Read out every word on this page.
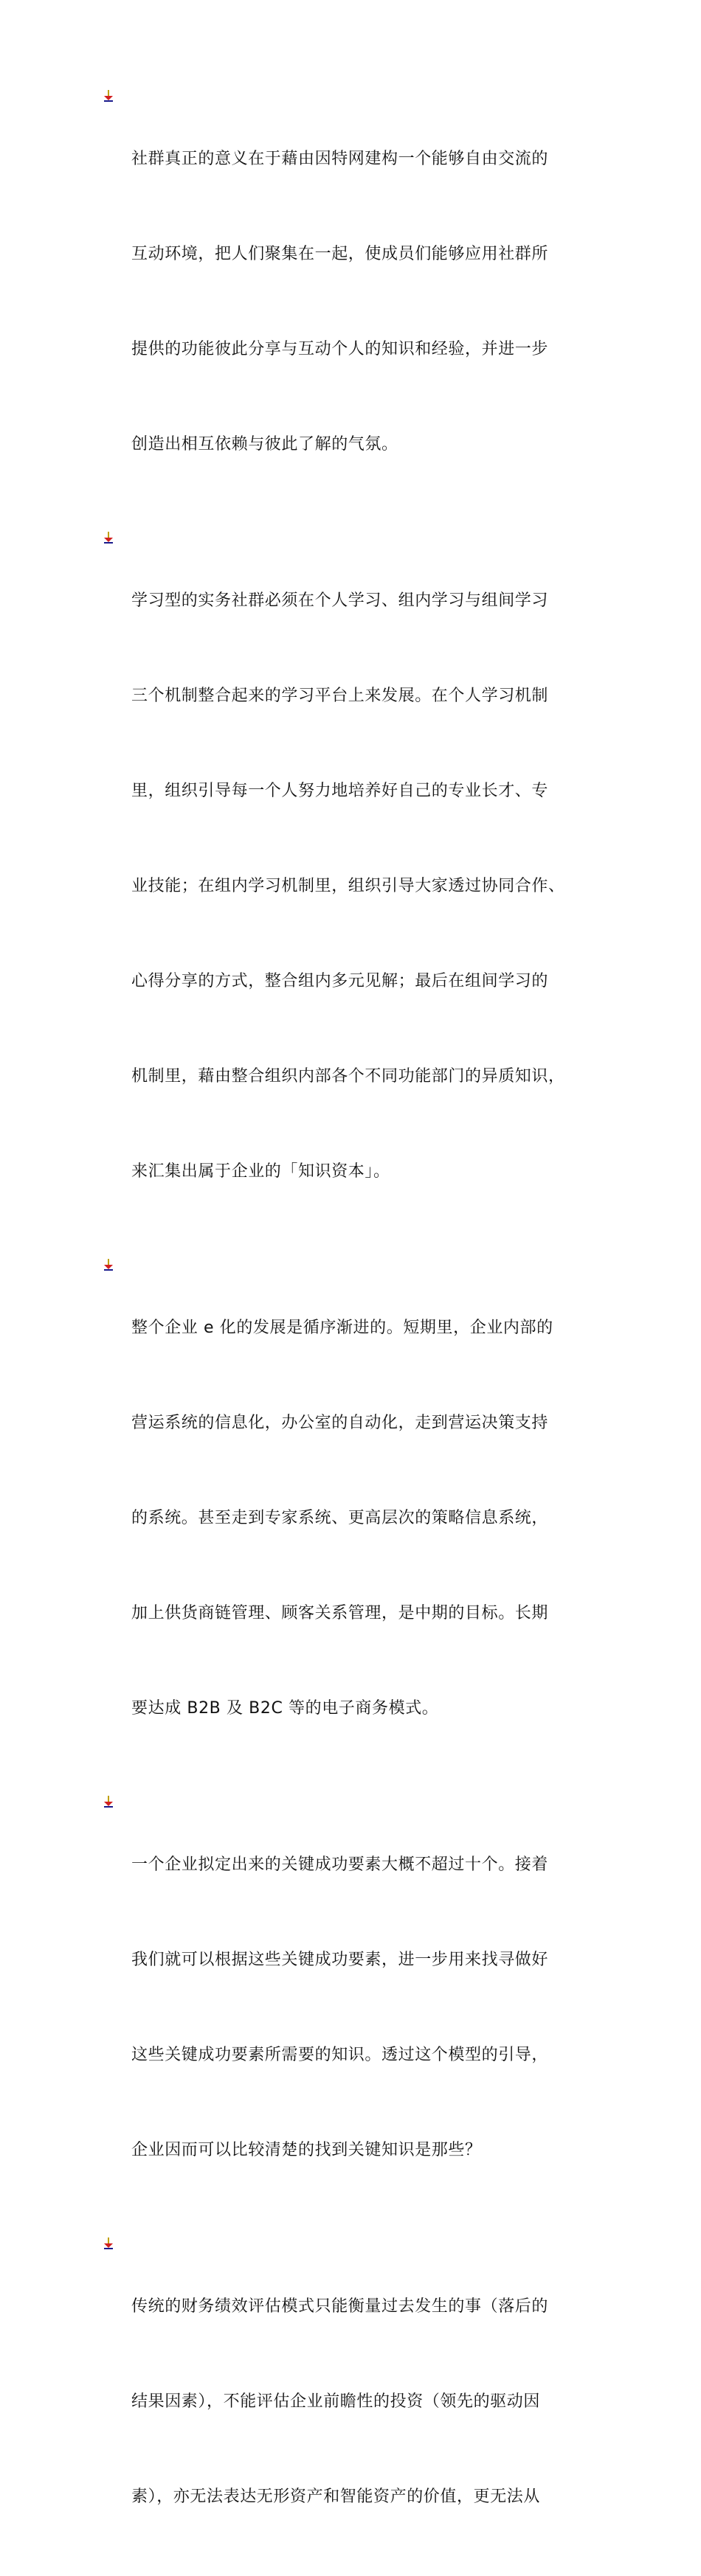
社群真正的意义在于藉由因特网建构一个能够自由交流的

互动环境，把人们聚集在一起，使成员们能够应用社群所

提供的功能彼此分享与互动个人的知识和经验，并进一步

创造出相互依赖与彼此了解的气氛。

学习型的实务社群必须在个人学习、组内学习与组间学习

三个机制整合起来的学习平台上来发展。在个人学习机制

里，组织引导每一个人努力地培养好自己的专业长才、专

业技能；在组内学习机制里，组织引导大家透过协同合作、

心得分享的方式，整合组内多元见解；最后在组间学习的

机制里，藉由整合组织内部各个不同功能部门的异质知识，

来汇集出属于企业的「知识资本」。

整个企业 e 化的发展是循序渐进的。短期里，企业内部的

营运系统的信息化，办公室的自动化，走到营运决策支持

的系统。甚至走到专家系统、更高层次的策略信息系统，

加上供货商链管理、顾客关系管理，是中期的目标。长期

要达成 B2B 及 B2C 等的电子商务模式。

一个企业拟定出来的关键成功要素大概不超过十个。接着

我们就可以根据这些关键成功要素，进一步用来找寻做好

这些关键成功要素所需要的知识。透过这个模型的引导，

企业因而可以比较清楚的找到关键知识是那些？

传统的财务绩效评估模式只能衡量过去发生的事（落后的

结果因素），不能评估企业前瞻性的投资（领先的驱动因

素），亦无法表达无形资产和智能资产的价值，更无法从
